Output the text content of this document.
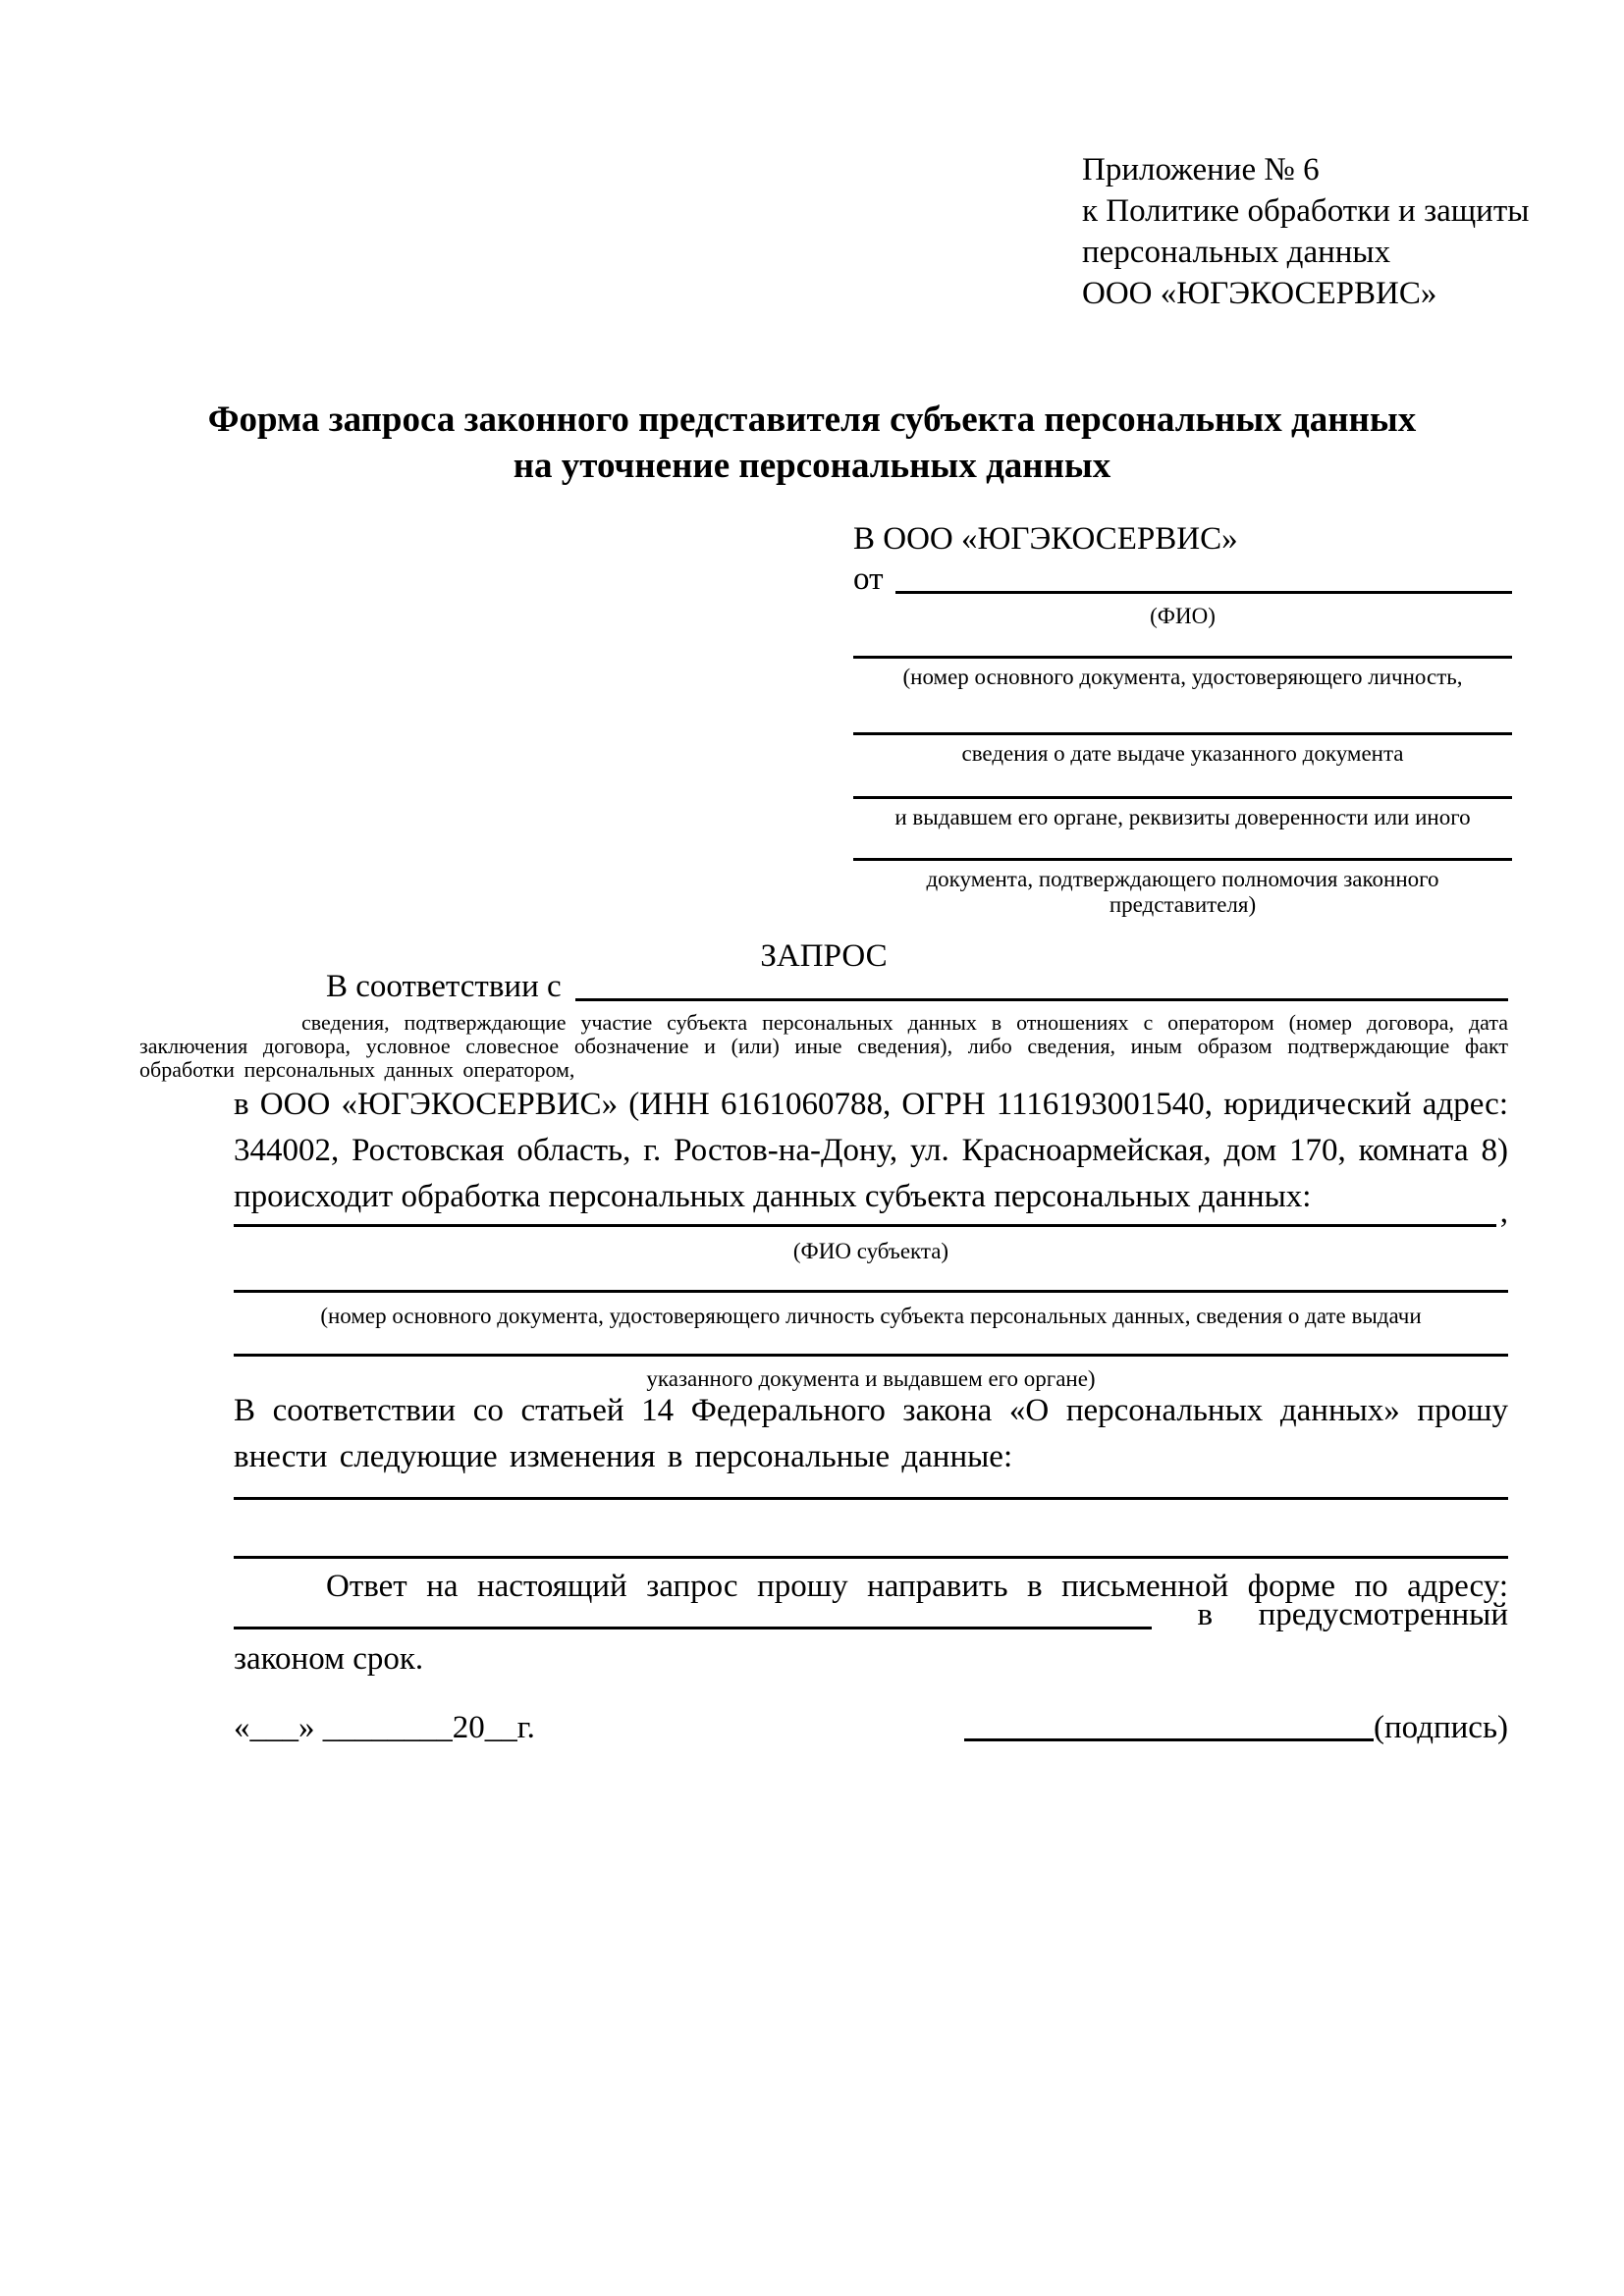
Приложение № 6
к Политике обработки и защиты
персональных данных
ООО «ЮГЭКОСЕРВИС»
Форма запроса законного представителя субъекта персональных данных
на уточнение персональных данных
В ООО «ЮГЭКОСЕРВИС»
от
(ФИО)
(номер основного документа, удостоверяющего личность,
сведения о дате выдаче указанного документа
и выдавшем его органе, реквизиты доверенности или иного
документа, подтверждающего полномочия законного представителя)
ЗАПРОС
В соответствии с
сведения, подтверждающие участие субъекта персональных данных в отношениях с оператором (номер договора, дата заключения договора, условное словесное обозначение и (или) иные сведения), либо сведения, иным образом подтверждающие факт обработки персональных данных оператором,
в ООО «ЮГЭКОСЕРВИС» (ИНН 6161060788, ОГРН 1116193001540, юридический адрес: 344002, Ростовская область, г. Ростов-на-Дону, ул. Красноармейская, дом 170, комната 8) происходит обработка персональных данных субъекта персональных данных:	,
(ФИО субъекта)
(номер основного документа, удостоверяющего личность субъекта персональных данных, сведения о дате выдачи
указанного документа и выдавшем его органе)
В соответствии со статьей 14 Федерального закона «О персональных данных» прошу внести следующие изменения в персональные данные:
Ответ на настоящий запрос прошу направить в письменной форме по адресу:
в предусмотренный
законом срок.
«___» ________20__г.	(подпись)
